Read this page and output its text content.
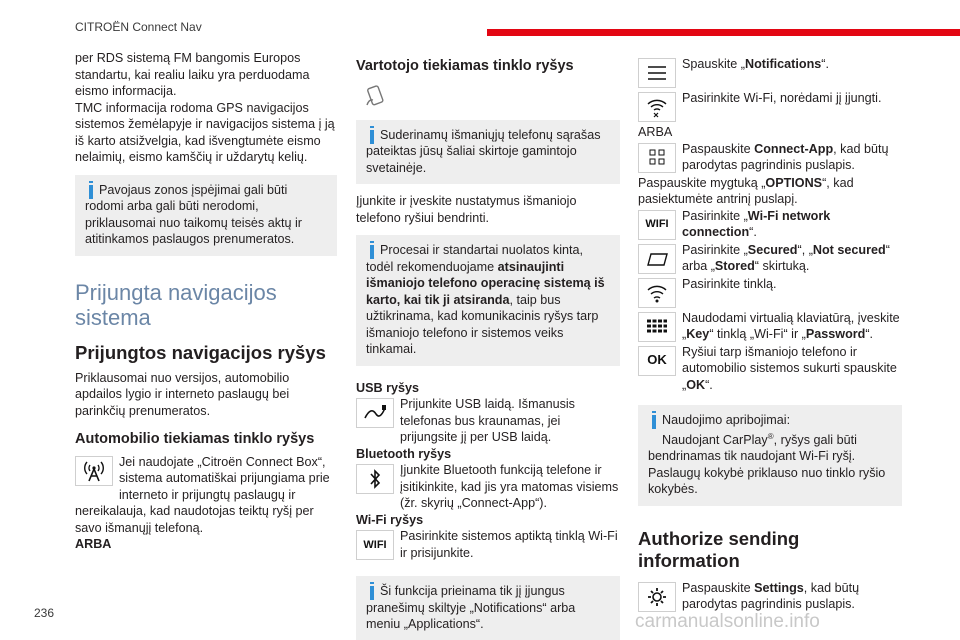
CITROËN Connect Nav
236	carmanualsonline.info

per RDS sistemą FM bangomis Europos standartu, kai realiu laiku yra perduodama eismo informacija.

TMC informacija rodoma GPS navigacijos sistemos žemėlapyje ir navigacijos sistema į ją iš karto atsižvelgia, kad išvengtumėte eismo nelaimių, eismo kamščių ir uždarytų kelių.

Pavojaus zonos įspėjimai gali būti rodomi arba gali būti nerodomi, priklausomai nuo taikomų teisės aktų ir atitinkamos paslaugos prenumeratos.

Prijungta navigacijos sistema
Prijungtos navigacijos ryšys

Priklausomai nuo versijos, automobilio apdailos lygio ir interneto paslaugų bei parinkčių prenumeratos.

Automobilio tiekiamas tinklo ryšys

Jei naudojate „Citroën Connect Box“, sistema automatiškai prijungiama prie interneto ir prijungtų paslaugų ir nereikalauja, kad naudotojas teiktų ryšį per savo išmanųjį telefoną.

ARBA

Vartotojo tiekiamas tinklo ryšys

Suderinamų išmaniųjų telefonų sąrašas pateiktas jūsų šaliai skirtoje gamintojo svetainėje.

Įjunkite ir įveskite nustatymus išmaniojo telefono ryšiui bendrinti.

Procesai ir standartai nuolatos kinta, todėl rekomenduojame atsinaujinti išmaniojo telefono operacinę sistemą iš karto, kai tik ji atsiranda, taip bus užtikrinama, kad komunikacinis ryšys tarp išmaniojo telefono ir sistemos veiks tinkamai.

USB ryšys

Prijunkite USB laidą. Išmanusis telefonas bus kraunamas, jei prijungsite jį per USB laidą.

Bluetooth ryšys

Įjunkite Bluetooth funkciją telefone ir įsitikinkite, kad jis yra matomas visiems (žr. skyrių „Connect-App“).

Wi-Fi ryšys

WIFI

Pasirinkite sistemos aptiktą tinklą Wi-Fi ir prisijunkite.

Ši funkcija prieinama tik jį įjungus pranešimų skiltyje „Notifications“ arba meniu „Applications“.

Spauskite „Notifications“.

Pasirinkite Wi-Fi, norėdami jį įjungti.

ARBA

Paspauskite Connect-App, kad būtų parodytas pagrindinis puslapis.

Paspauskite mygtuką „OPTIONS“, kad pasiektumėte antrinį puslapį.

WIFI

Pasirinkite „Wi-Fi network connection“.

Pasirinkite „Secured“, „Not secured“ arba „Stored“ skirtuką.

Pasirinkite tinklą.

Naudodami virtualią klaviatūrą, įveskite „Key“ tinklą „Wi-Fi“ ir „Password“.

OK

Ryšiui tarp išmaniojo telefono ir automobilio sistemos sukurti spauskite „OK“.

Naudojimo apribojimai:

Naudojant CarPlay®, ryšys gali būti bendrinamas tik naudojant Wi-Fi ryšį.

Paslaugų kokybė priklauso nuo tinklo ryšio kokybės.

Authorize sending information

Paspauskite Settings, kad būtų parodytas pagrindinis puslapis.
